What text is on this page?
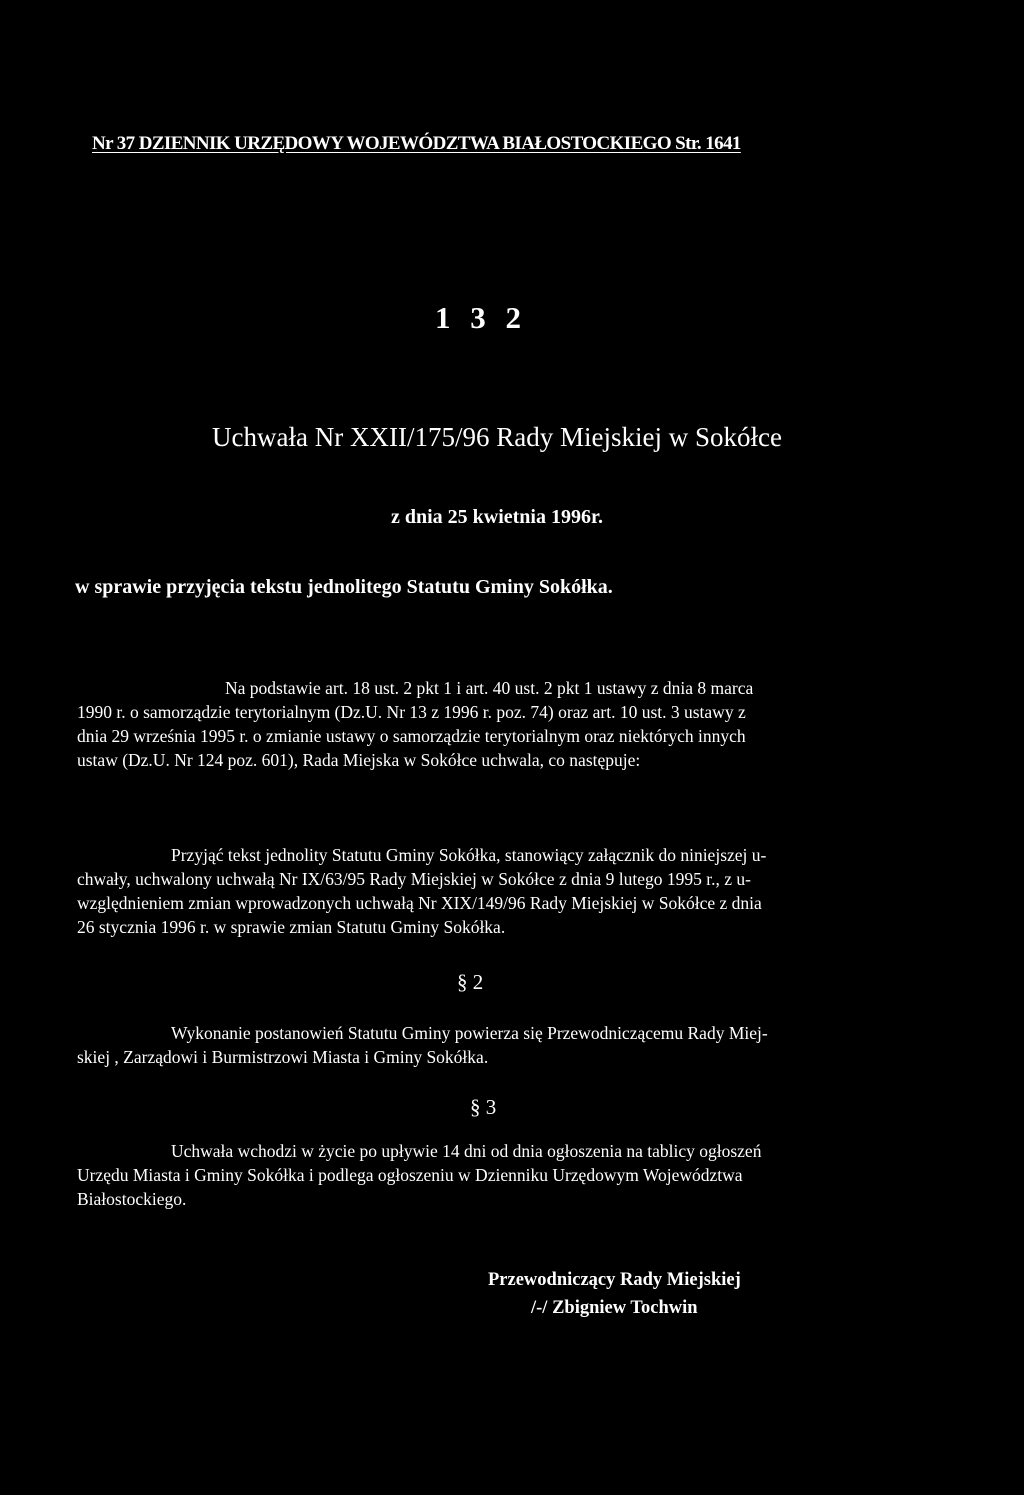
Nr 37 DZIENNIK URZĘDOWY WOJEWÓDZTWA BIAŁOSTOCKIEGO Str. 1641
1 3 2
Uchwała Nr XXII/175/96 Rady Miejskiej w Sokółce
z dnia 25 kwietnia 1996r.
w sprawie przyjęcia tekstu jednolitego Statutu Gminy Sokółka.
Na podstawie art. 18 ust. 2 pkt 1 i art. 40 ust. 2 pkt 1 ustawy z dnia 8 marca
1990 r. o samorządzie terytorialnym (Dz.U. Nr 13 z 1996 r. poz. 74) oraz art. 10 ust. 3 ustawy z
dnia 29 września 1995 r. o zmianie ustawy o samorządzie terytorialnym oraz niektórych innych
ustaw (Dz.U. Nr 124 poz. 601), Rada Miejska w Sokółce uchwala, co następuje:
Przyjąć tekst jednolity Statutu Gminy Sokółka, stanowiący załącznik do niniejszej u-
chwały, uchwalony uchwałą Nr IX/63/95 Rady Miejskiej w Sokółce z dnia 9 lutego 1995 r., z u-
względnieniem zmian wprowadzonych uchwałą Nr XIX/149/96 Rady Miejskiej w Sokółce z dnia
26 stycznia 1996 r. w sprawie zmian Statutu Gminy Sokółka.
§ 2
Wykonanie postanowień Statutu Gminy powierza się Przewodniczącemu Rady Miej-
skiej , Zarządowi i Burmistrzowi Miasta i Gminy Sokółka.
§ 3
Uchwała wchodzi w życie po upływie 14 dni od dnia ogłoszenia na tablicy ogłoszeń
Urzędu Miasta i Gminy Sokółka i podlega ogłoszeniu w Dzienniku Urzędowym Województwa
Białostockiego.
Przewodniczący Rady Miejskiej
/-/ Zbigniew Tochwin
